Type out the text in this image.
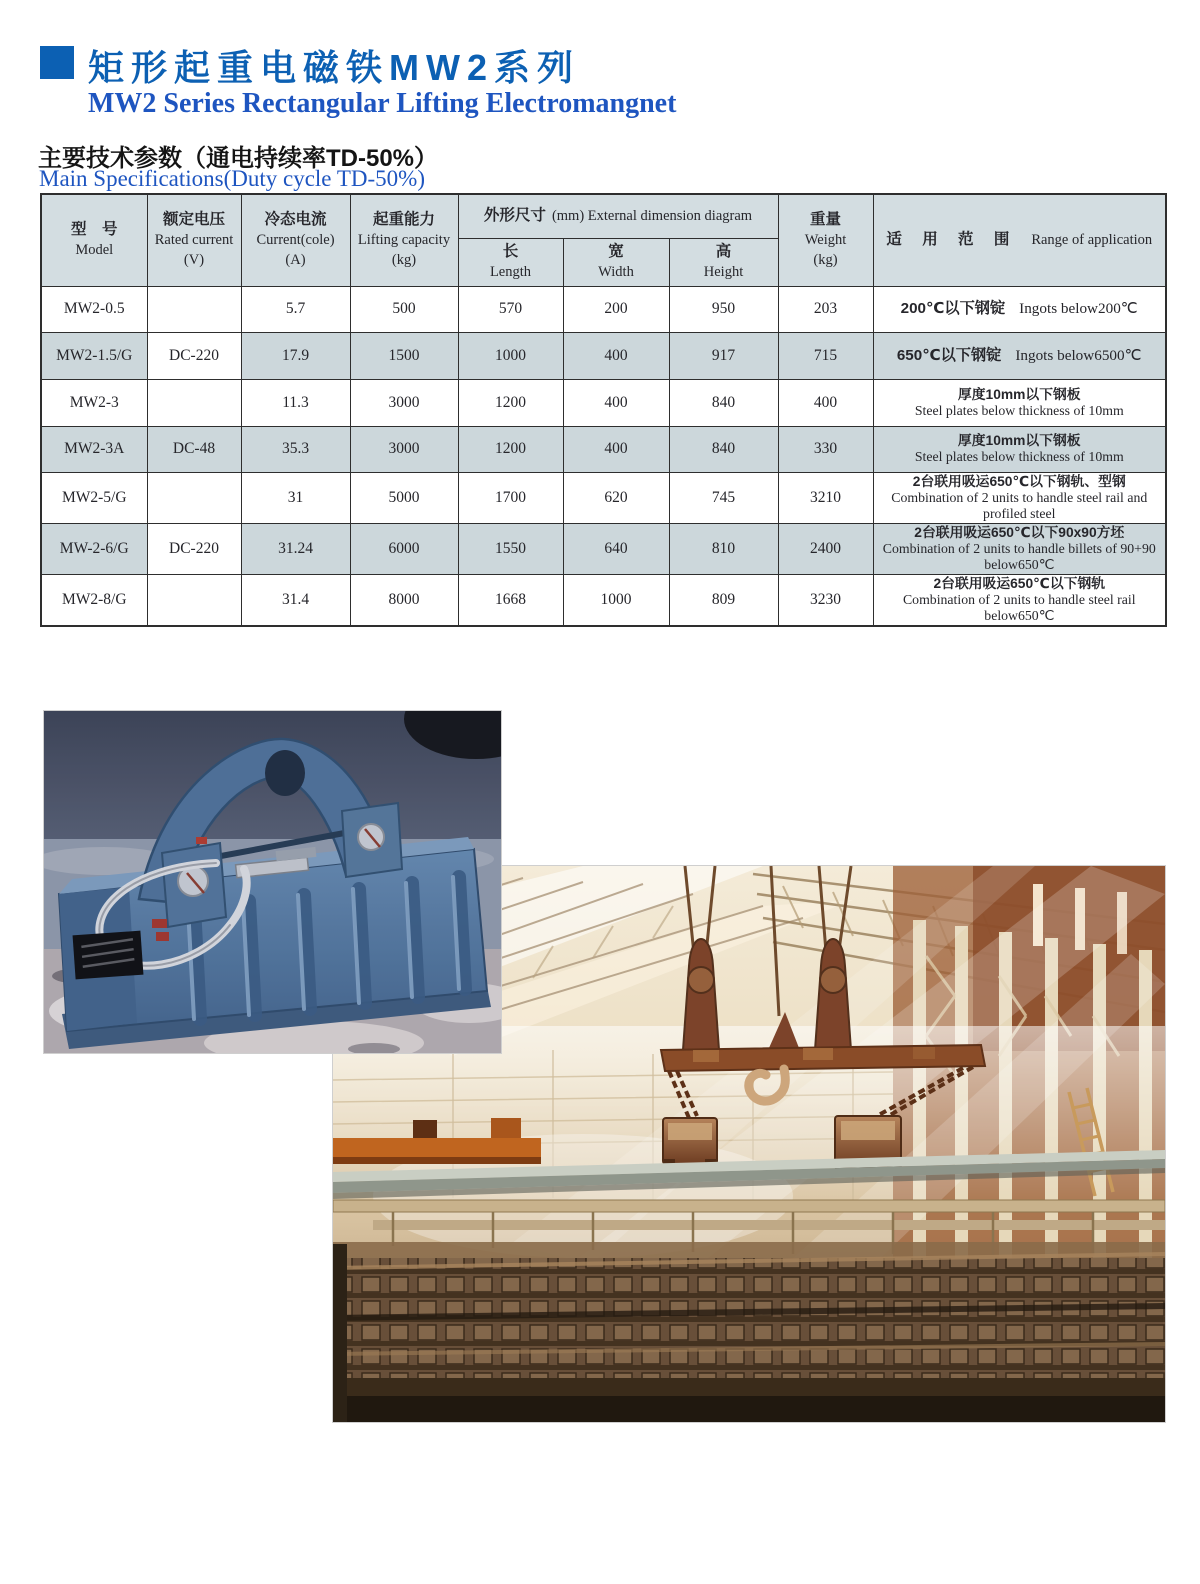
矩形起重电磁铁MW2系列
MW2 Series Rectangular Lifting Electromangnet
主要技术参数（通电持续率TD-50%）
Main Specifications(Duty cycle TD-50%)
型　号
Model	额定电压
Rated current
(V)	冷态电流
Current(cole)
(A)	起重能力
Lifting capacity
(kg)	外形尺寸 (mm) External dimension diagram			重量
Weight
(kg)	适 用 范 围 Range of application
				长
Length	宽
Width	高
Height		
MW2-0.5		5.7	500	570	200	950	203	200℃以下钢锭 Ingots below200℃
MW2-1.5/G	DC-220	17.9	1500	1000	400	917	715	650℃以下钢锭 Ingots below6500℃
MW2-3		11.3	3000	1200	400	840	400	厚度10mm以下钢板
Steel plates below thickness of 10mm

MW2-3A	DC-48	35.3	3000	1200	400	840	330	厚度10mm以下钢板
Steel plates below thickness of 10mm

MW2-5/G		31	5000	1700	620	745	3210	2台联用吸运650℃以下钢轨、型钢
Combination of 2 units to handle steel rail and profiled steel

MW-2-6/G	DC-220	31.24	6000	1550	640	810	2400	2台联用吸运650℃以下90x90方坯
Combination of 2 units to handle billets of 90+90 below650℃

MW2-8/G		31.4	8000	1668	1000	809	3230	2台联用吸运650℃以下钢轨
Combination of 2 units to handle steel rail below650℃
